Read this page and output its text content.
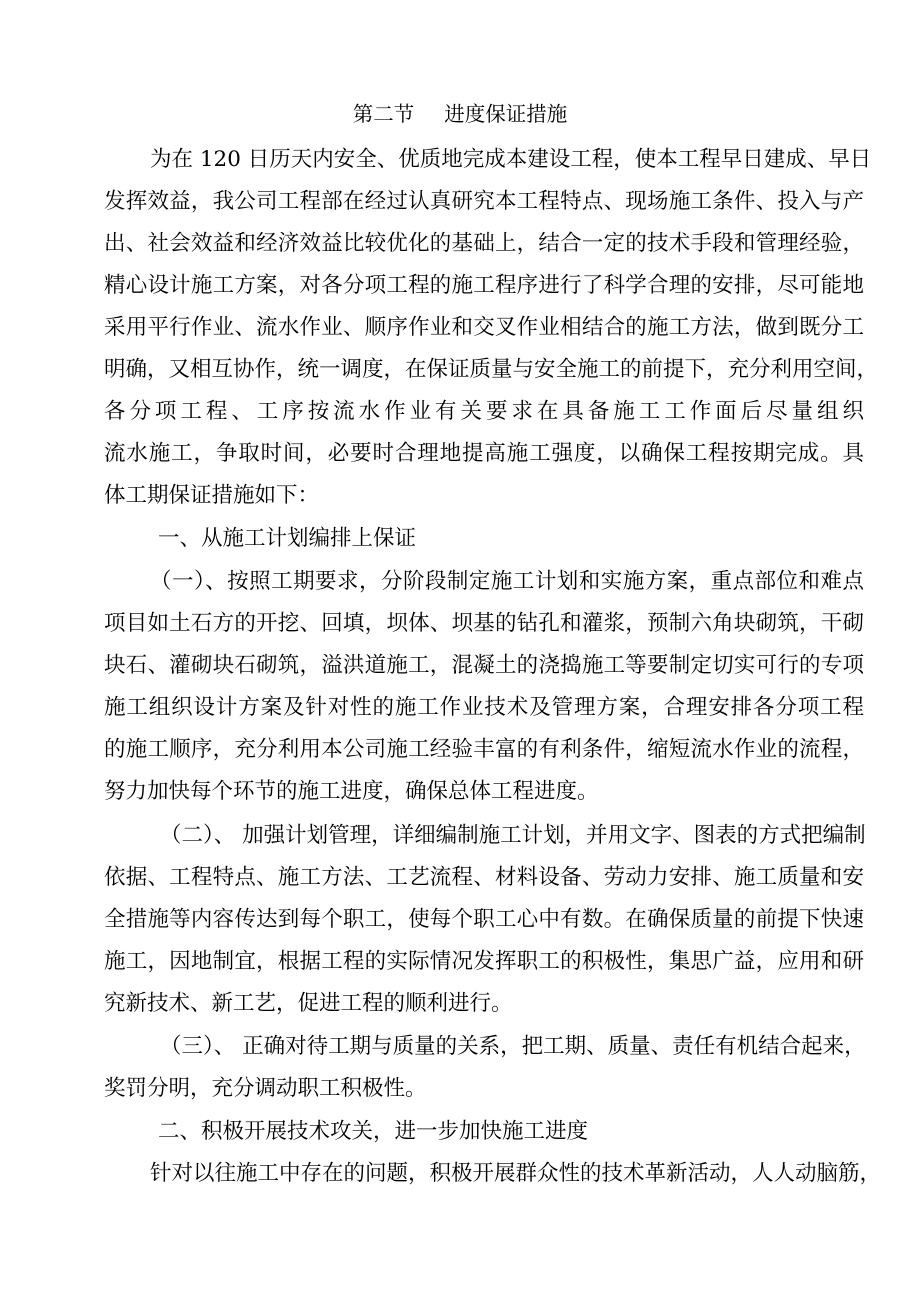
第二节 进度保证措施
为在 120 日历天内安全、优质地完成本建设工程，使本工程早日建成、早日
发挥效益，我公司工程部在经过认真研究本工程特点、现场施工条件、投入与产
出、社会效益和经济效益比较优化的基础上，结合一定的技术手段和管理经验，
精心设计施工方案，对各分项工程的施工程序进行了科学合理的安排，尽可能地
采用平行作业、流水作业、顺序作业和交叉作业相结合的施工方法，做到既分工
明确，又相互协作，统一调度，在保证质量与安全施工的前提下，充分利用空间，
各分项工程、工序按流水作业有关要求在具备施工工作面后尽量组织
流水施工，争取时间，必要时合理地提高施工强度，以确保工程按期完成。具
体工期保证措施如下：
一、从施工计划编排上保证
（一）、按照工期要求，分阶段制定施工计划和实施方案，重点部位和难点
项目如土石方的开挖、回填，坝体、坝基的钻孔和灌浆，预制六角块砌筑，干砌
块石、灌砌块石砌筑，溢洪道施工，混凝土的浇捣施工等要制定切实可行的专项
施工组织设计方案及针对性的施工作业技术及管理方案，合理安排各分项工程
的施工顺序，充分利用本公司施工经验丰富的有利条件，缩短流水作业的流程，
努力加快每个环节的施工进度，确保总体工程进度。
（二）、 加强计划管理，详细编制施工计划，并用文字、图表的方式把编制
依据、工程特点、施工方法、工艺流程、材料设备、劳动力安排、施工质量和安
全措施等内容传达到每个职工，使每个职工心中有数。在确保质量的前提下快速
施工，因地制宜，根据工程的实际情况发挥职工的积极性，集思广益，应用和研
究新技术、新工艺，促进工程的顺利进行。
（三）、 正确对待工期与质量的关系，把工期、质量、责任有机结合起来，
奖罚分明，充分调动职工积极性。
二、积极开展技术攻关，进一步加快施工进度
针对以往施工中存在的问题，积极开展群众性的技术革新活动，人人动脑筋，
